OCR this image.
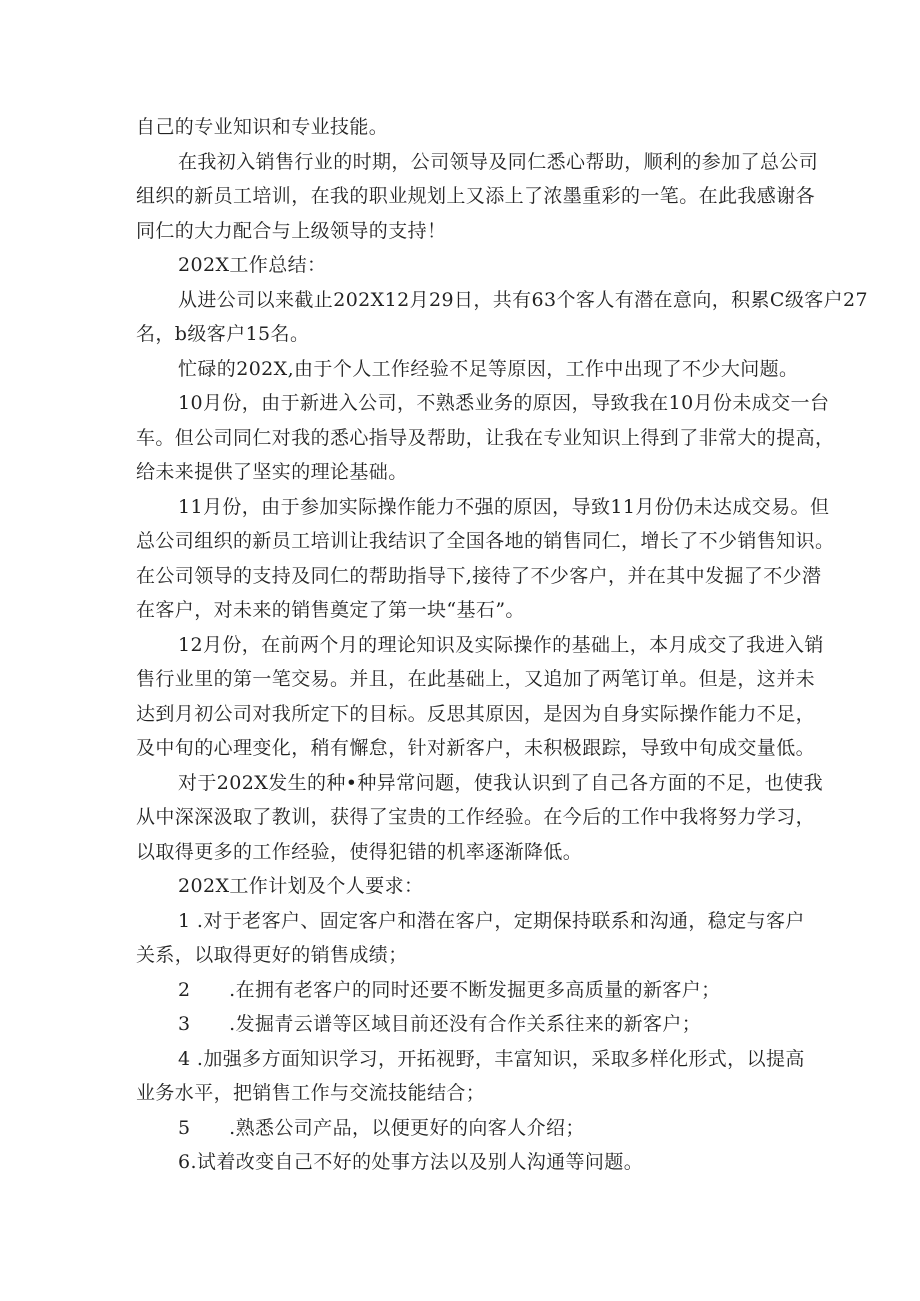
自己的专业知识和专业技能。
在我初入销售行业的时期，公司领导及同仁悉心帮助，顺利的参加了总公司
组织的新员工培训，在我的职业规划上又添上了浓墨重彩的一笔。在此我感谢各
同仁的大力配合与上级领导的支持！
202X工作总结：
从进公司以来截止202X12月29日，共有63个客人有潜在意向，积累C级客户27
名，b级客户15名。
忙碌的202X,由于个人工作经验不足等原因，工作中出现了不少大问题。
10月份，由于新进入公司，不熟悉业务的原因，导致我在10月份未成交一台
车。但公司同仁对我的悉心指导及帮助，让我在专业知识上得到了非常大的提高，
给未来提供了坚实的理论基础。
11月份，由于参加实际操作能力不强的原因，导致11月份仍未达成交易。但
总公司组织的新员工培训让我结识了全国各地的销售同仁，增长了不少销售知识。
在公司领导的支持及同仁的帮助指导下,接待了不少客户，并在其中发掘了不少潜
在客户，对未来的销售奠定了第一块“基石”。
12月份，在前两个月的理论知识及实际操作的基础上，本月成交了我进入销
售行业里的第一笔交易。并且，在此基础上，又追加了两笔订单。但是，这并未
达到月初公司对我所定下的目标。反思其原因，是因为自身实际操作能力不足，
及中旬的心理变化，稍有懈怠，针对新客户，未积极跟踪，导致中旬成交量低。
对于202X发生的种•种异常问题，使我认识到了自己各方面的不足，也使我
从中深深汲取了教训，获得了宝贵的工作经验。在今后的工作中我将努力学习，
以取得更多的工作经验，使得犯错的机率逐渐降低。
202X工作计划及个人要求：
1 .对于老客户、固定客户和潜在客户，定期保持联系和沟通，稳定与客户
关系，以取得更好的销售成绩；
2      .在拥有老客户的同时还要不断发掘更多高质量的新客户；
3      .发掘青云谱等区域目前还没有合作关系往来的新客户；
4 .加强多方面知识学习，开拓视野，丰富知识，采取多样化形式，以提高
业务水平，把销售工作与交流技能结合；
5      .熟悉公司产品，以便更好的向客人介绍；
6.试着改变自己不好的处事方法以及别人沟通等问题。
